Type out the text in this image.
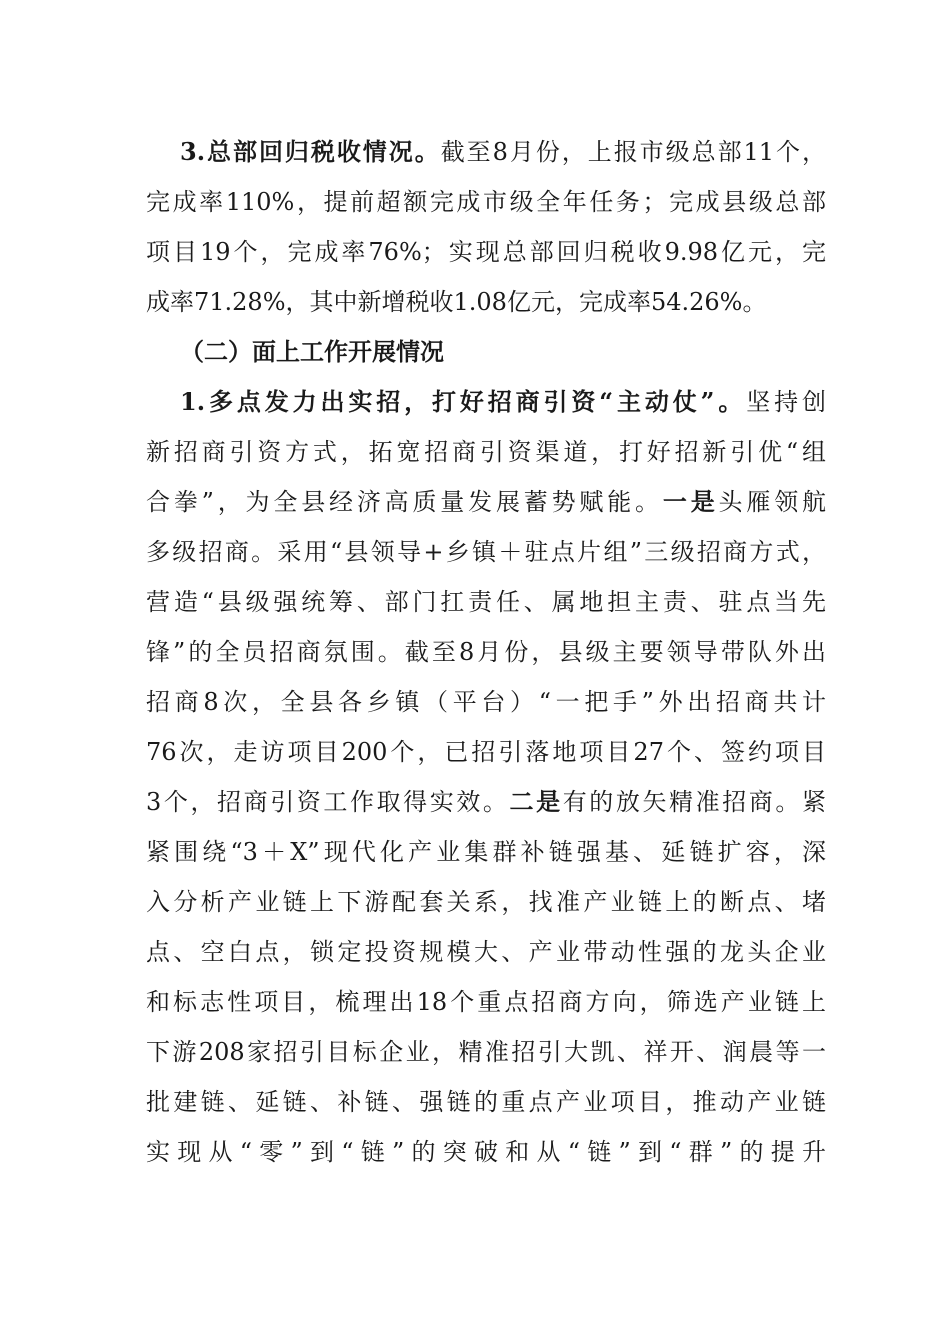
3.总部回归税收情况。截至8月份，上报市级总部11个，
完成率110%，提前超额完成市级全年任务；完成县级总部
项目19个，完成率76%；实现总部回归税收9.98亿元，完
成率71.28%，其中新增税收1.08亿元，完成率54.26%。
（二）面上工作开展情况
1.多点发力出实招，打好招商引资“主动仗”。坚持创
新招商引资方式，拓宽招商引资渠道，打好招新引优“组
合拳”，为全县经济高质量发展蓄势赋能。一是头雁领航
多级招商。采用“县领导+乡镇＋驻点片组”三级招商方式，
营造“县级强统筹、部门扛责任、属地担主责、驻点当先
锋”的全员招商氛围。截至8月份，县级主要领导带队外出
招商8次，全县各乡镇（平台）“一把手”外出招商共计
76次，走访项目200个，已招引落地项目27个、签约项目
3个，招商引资工作取得实效。二是有的放矢精准招商。紧
紧围绕“3＋X”现代化产业集群补链强基、延链扩容，深
入分析产业链上下游配套关系，找准产业链上的断点、堵
点、空白点，锁定投资规模大、产业带动性强的龙头企业
和标志性项目，梳理出18个重点招商方向，筛选产业链上
下游208家招引目标企业，精准招引大凯、祥开、润晨等一
批建链、延链、补链、强链的重点产业项目，推动产业链
实现从“零”到“链”的突破和从“链”到“群”的提升
